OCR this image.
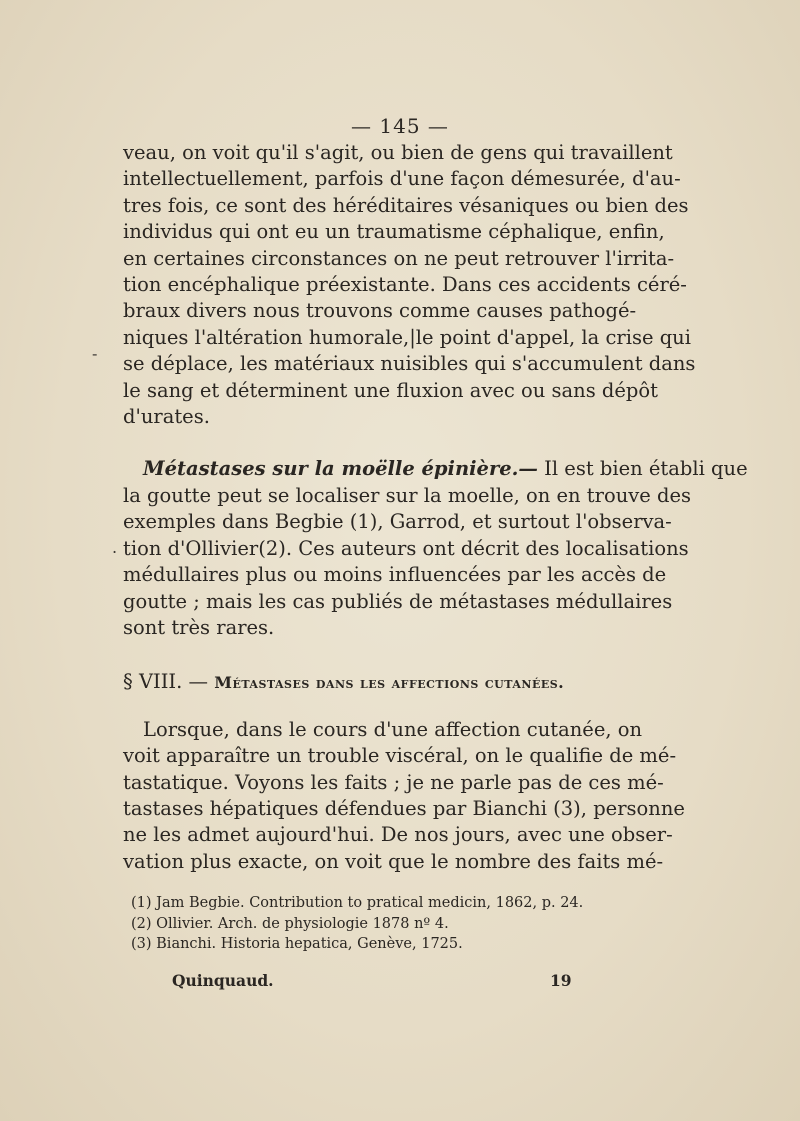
— 145 —
veau, on voit qu'il s'agit, ou bien de gens qui travaillent
intellectuellement, parfois d'une façon démesurée, d'au-
tres fois, ce sont des héréditaires vésaniques ou bien des
individus qui ont eu un traumatisme céphalique, enfin,
en certaines circonstances on ne peut retrouver l'irrita-
tion encéphalique préexistante. Dans ces accidents céré-
braux divers nous trouvons comme causes pathogé-
niques l'altération humorale,|le point d'appel, la crise qui
se déplace, les matériaux nuisibles qui s'accumulent dans
le sang et déterminent une fluxion avec ou sans dépôt
d'urates.
Métastases sur la moëlle épinière.— Il est bien établi que
la goutte peut se localiser sur la moelle, on en trouve des
exemples dans Begbie (1), Garrod, et surtout l'observa-
tion d'Ollivier(2). Ces auteurs ont décrit des localisations
médullaires plus ou moins influencées par les accès de
goutte ; mais les cas publiés de métastases médullaires
sont très rares.
§ VIII. — Métastases dans les affections cutanées.
Lorsque, dans le cours d'une affection cutanée, on
voit apparaître un trouble viscéral, on le qualifie de mé-
tastatique. Voyons les faits ; je ne parle pas de ces mé-
tastases hépatiques défendues par Bianchi (3), personne
ne les admet aujourd'hui. De nos jours, avec une obser-
vation plus exacte, on voit que le nombre des faits mé-
(1) Jam Begbie. Contribution to pratical medicin, 1862, p. 24.
(2) Ollivier. Arch. de physiologie 1878 nº 4.
(3) Bianchi. Historia hepatica, Genève, 1725.
Quinquaud.	19
-
.
